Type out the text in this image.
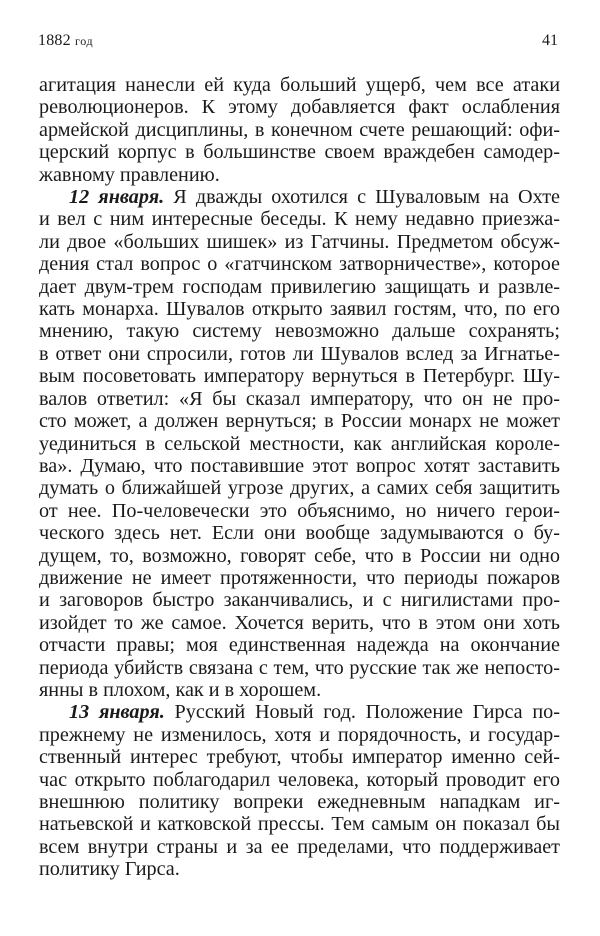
1882 год	41
агитация нанесли ей куда больший ущерб, чем все атаки
революционеров. К этому добавляется факт ослабления
армейской дисциплины, в конечном счете решающий: офи-
церский корпус в большинстве своем враждебен самодер-
жавному правлению.
12 января. Я дважды охотился с Шуваловым на Охте
и вел с ним интересные беседы. К нему недавно приезжа-
ли двое «больших шишек» из Гатчины. Предметом обсуж-
дения стал вопрос о «гатчинском затворничестве», которое
дает двум-трем господам привилегию защищать и развле-
кать монарха. Шувалов открыто заявил гостям, что, по его
мнению, такую систему невозможно дальше сохранять;
в ответ они спросили, готов ли Шувалов вслед за Игнатье-
вым посоветовать императору вернуться в Петербург. Шу-
валов ответил: «Я бы сказал императору, что он не про-
сто может, а должен вернуться; в России монарх не может
уединиться в сельской местности, как английская короле-
ва». Думаю, что поставившие этот вопрос хотят заставить
думать о ближайшей угрозе других, а самих себя защитить
от нее. По-человечески это объяснимо, но ничего герои-
ческого здесь нет. Если они вообще задумываются о бу-
дущем, то, возможно, говорят себе, что в России ни одно
движение не имеет протяженности, что периоды пожаров
и заговоров быстро заканчивались, и с нигилистами про-
изойдет то же самое. Хочется верить, что в этом они хоть
отчасти правы; моя единственная надежда на окончание
периода убийств связана с тем, что русские так же непосто-
янны в плохом, как и в хорошем.
13 января. Русский Новый год. Положение Гирса по-
прежнему не изменилось, хотя и порядочность, и государ-
ственный интерес требуют, чтобы император именно сей-
час открыто поблагодарил человека, который проводит его
внешнюю политику вопреки ежедневным нападкам иг-
натьевской и катковской прессы. Тем самым он показал бы
всем внутри страны и за ее пределами, что поддерживает
политику Гирса.
